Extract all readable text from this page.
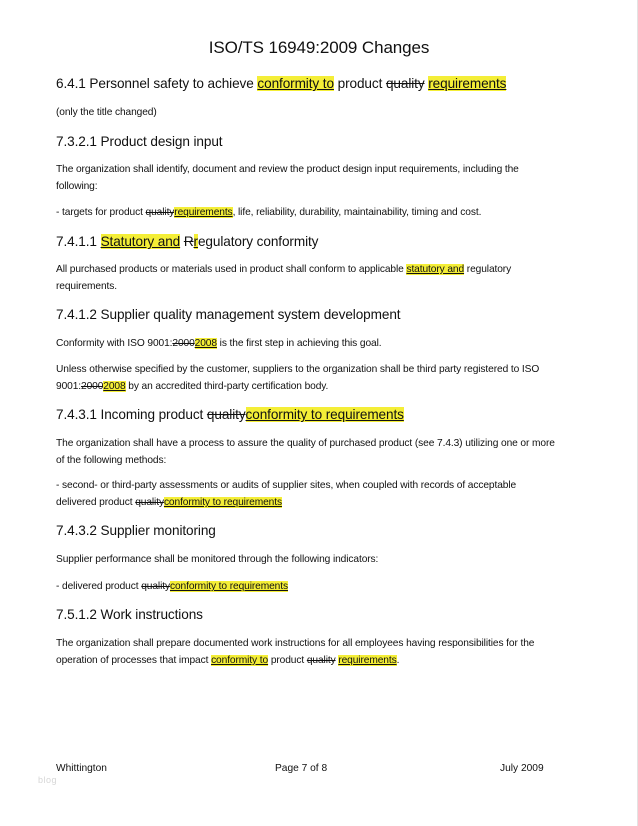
ISO/TS 16949:2009 Changes
6.4.1 Personnel safety to achieve conformity to product quality requirements
(only the title changed)
7.3.2.1 Product design input
The organization shall identify, document and review the product design input requirements, including the
following:
- targets for product qualityrequirements, life, reliability, durability, maintainability, timing and cost.
7.4.1.1 Statutory and Rregulatory conformity
All purchased products or materials used in product shall conform to applicable statutory and regulatory
requirements.
7.4.1.2 Supplier quality management system development
Conformity with ISO 9001:20002008 is the first step in achieving this goal.
Unless otherwise specified by the customer, suppliers to the organization shall be third party registered to ISO
9001:20002008 by an accredited third-party certification body.
7.4.3.1 Incoming product qualityconformity to requirements
The organization shall have a process to assure the quality of purchased product (see 7.4.3) utilizing one or more
of the following methods:
- second- or third-party assessments or audits of supplier sites, when coupled with records of acceptable
delivered product qualityconformity to requirements
7.4.3.2 Supplier monitoring
Supplier performance shall be monitored through the following indicators:
- delivered product qualityconformity to requirements
7.5.1.2 Work instructions
The organization shall prepare documented work instructions for all employees having responsibilities for the
operation of processes that impact conformity to product quality requirements.
Whittington	Page 7 of 8	July 2009
blog
